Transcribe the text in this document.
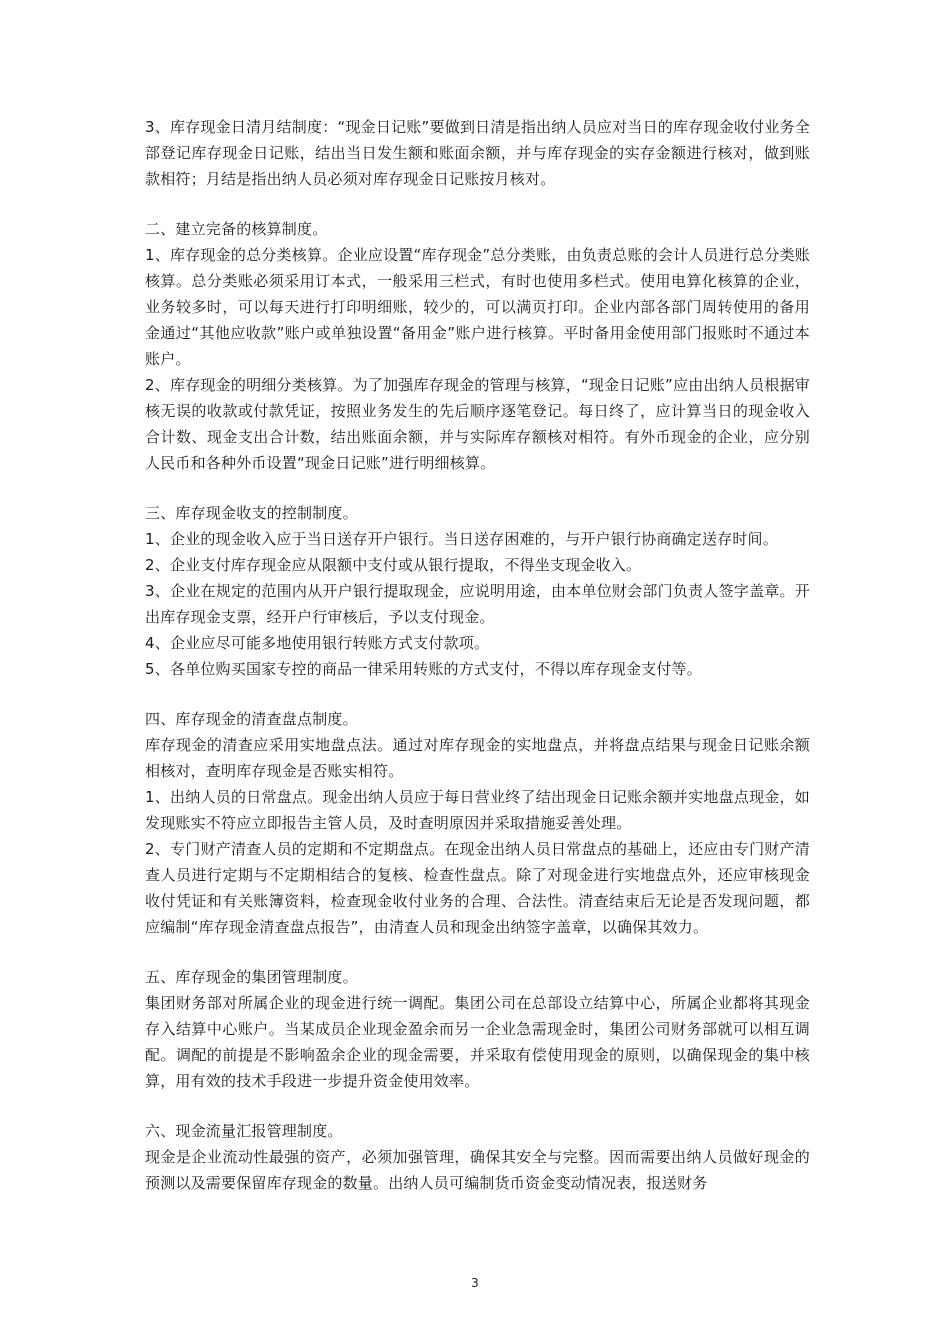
3、库存现金日清月结制度：“现金日记账”要做到日清是指出纳人员应对当日的库存现金收付业务全部登记库存现金日记账，结出当日发生额和账面余额，并与库存现金的实存金额进行核对，做到账款相符；月结是指出纳人员必须对库存现金日记账按月核对。

二、建立完备的核算制度。

1、库存现金的总分类核算。企业应设置“库存现金”总分类账，由负责总账的会计人员进行总分类账核算。总分类账必须采用订本式，一般采用三栏式，有时也使用多栏式。使用电算化核算的企业，业务较多时，可以每天进行打印明细账，较少的，可以满页打印。企业内部各部门周转使用的备用金通过“其他应收款”账户或单独设置“备用金”账户进行核算。平时备用金使用部门报账时不通过本账户。

2、库存现金的明细分类核算。为了加强库存现金的管理与核算，“现金日记账”应由出纳人员根据审核无误的收款或付款凭证，按照业务发生的先后顺序逐笔登记。每日终了，应计算当日的现金收入合计数、现金支出合计数，结出账面余额，并与实际库存额核对相符。有外币现金的企业，应分别人民币和各种外币设置“现金日记账”进行明细核算。

三、库存现金收支的控制制度。

1、企业的现金收入应于当日送存开户银行。当日送存困难的，与开户银行协商确定送存时间。

2、企业支付库存现金应从限额中支付或从银行提取，不得坐支现金收入。

3、企业在规定的范围内从开户银行提取现金，应说明用途，由本单位财会部门负责人签字盖章。开出库存现金支票，经开户行审核后，予以支付现金。

4、企业应尽可能多地使用银行转账方式支付款项。

5、各单位购买国家专控的商品一律采用转账的方式支付，不得以库存现金支付等。

四、库存现金的清查盘点制度。

库存现金的清查应采用实地盘点法。通过对库存现金的实地盘点，并将盘点结果与现金日记账余额相核对，查明库存现金是否账实相符。

1、出纳人员的日常盘点。现金出纳人员应于每日营业终了结出现金日记账余额并实地盘点现金，如发现账实不符应立即报告主管人员，及时查明原因并采取措施妥善处理。

2、专门财产清查人员的定期和不定期盘点。在现金出纳人员日常盘点的基础上，还应由专门财产清查人员进行定期与不定期相结合的复核、检查性盘点。除了对现金进行实地盘点外，还应审核现金收付凭证和有关账簿资料，检查现金收付业务的合理、合法性。清查结束后无论是否发现问题，都应编制“库存现金清查盘点报告”，由清查人员和现金出纳签字盖章，以确保其效力。

五、库存现金的集团管理制度。

集团财务部对所属企业的现金进行统一调配。集团公司在总部设立结算中心，所属企业都将其现金存入结算中心账户。当某成员企业现金盈余而另一企业急需现金时，集团公司财务部就可以相互调配。调配的前提是不影响盈余企业的现金需要，并采取有偿使用现金的原则，以确保现金的集中核算，用有效的技术手段进一步提升资金使用效率。

六、现金流量汇报管理制度。

现金是企业流动性最强的资产，必须加强管理，确保其安全与完整。因而需要出纳人员做好现金的预测以及需要保留库存现金的数量。出纳人员可编制货币资金变动情况表，报送财务

3
